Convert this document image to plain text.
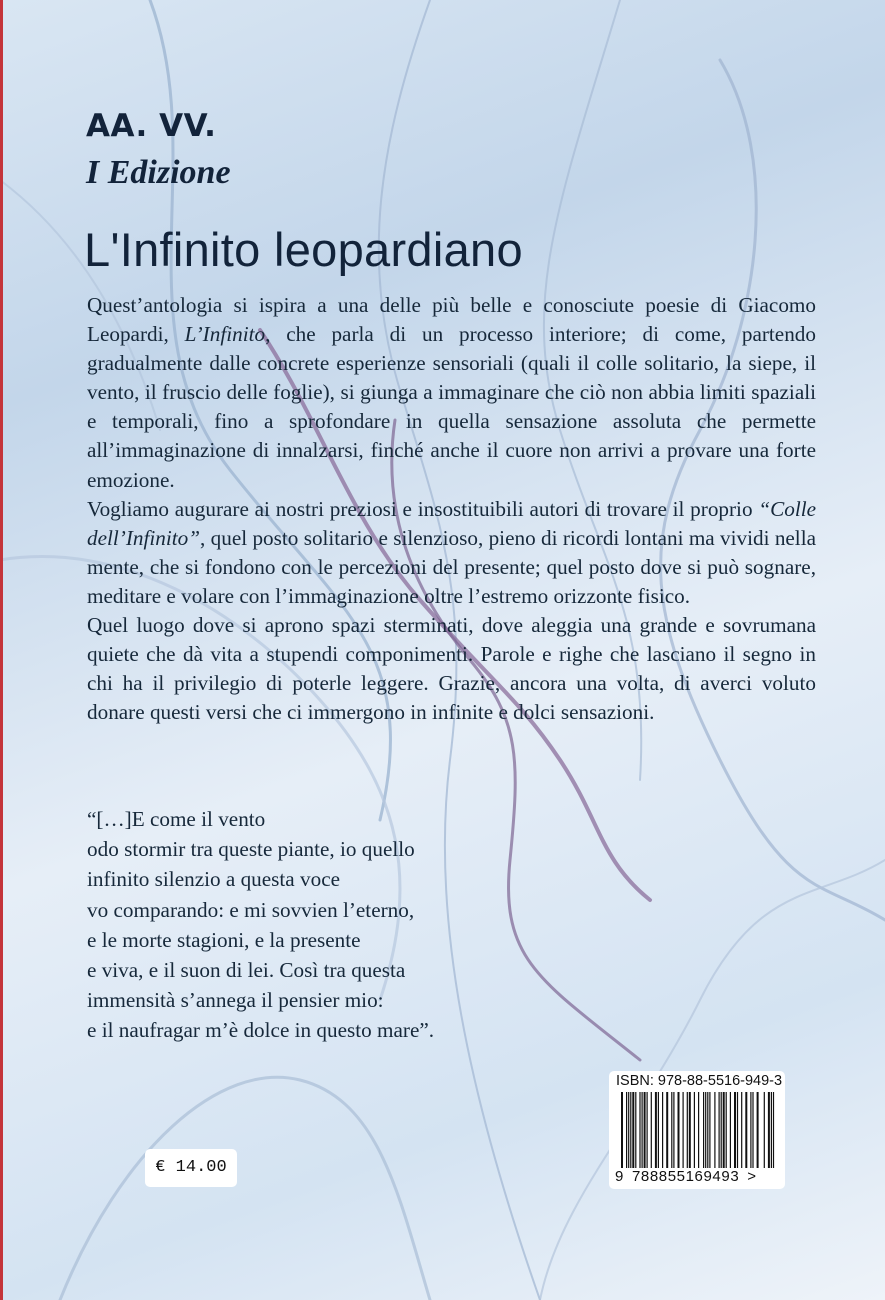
AA. VV.
I Edizione
L'Infinito leopardiano

Quest’antologia si ispira a una delle più belle e conosciute poesie di Giacomo Leopardi, L’Infinito, che parla di un processo interiore; di come, partendo gradualmente dalle concrete esperienze sensoriali (quali il colle solitario, la siepe, il vento, il fruscio delle foglie), si giunga a immaginare che ciò non abbia limiti spaziali e temporali, fino a sprofondare in quella sensazione assoluta che permette all’immaginazione di innalzarsi, finché anche il cuore non arrivi a provare una forte emozione.

Vogliamo augurare ai nostri preziosi e insostituibili autori di trovare il proprio “Colle dell’Infinito”, quel posto solitario e silenzioso, pieno di ricordi lontani ma vividi nella mente, che si fondono con le percezioni del presente; quel posto dove si può sognare, meditare e volare con l’immaginazione oltre l’estremo orizzonte fisico.

Quel luogo dove si aprono spazi sterminati, dove aleggia una grande e sovrumana quiete che dà vita a stupendi componimenti. Parole e righe che lasciano il segno in chi ha il privilegio di poterle leggere. Grazie, ancora una volta, di averci voluto donare questi versi che ci immergono in infinite e dolci sensazioni.

“[…]E come il vento
odo stormir tra queste piante, io quello
infinito silenzio a questa voce
vo comparando: e mi sovvien l’eterno,
e le morte stagioni, e la presente
e viva, e il suon di lei. Così tra questa
immensità s’annega il pensier mio:
e il naufragar m’è dolce in questo mare”.
ISBN: 978-88-5516-949-3
9 788855169493 >
€ 14.00
